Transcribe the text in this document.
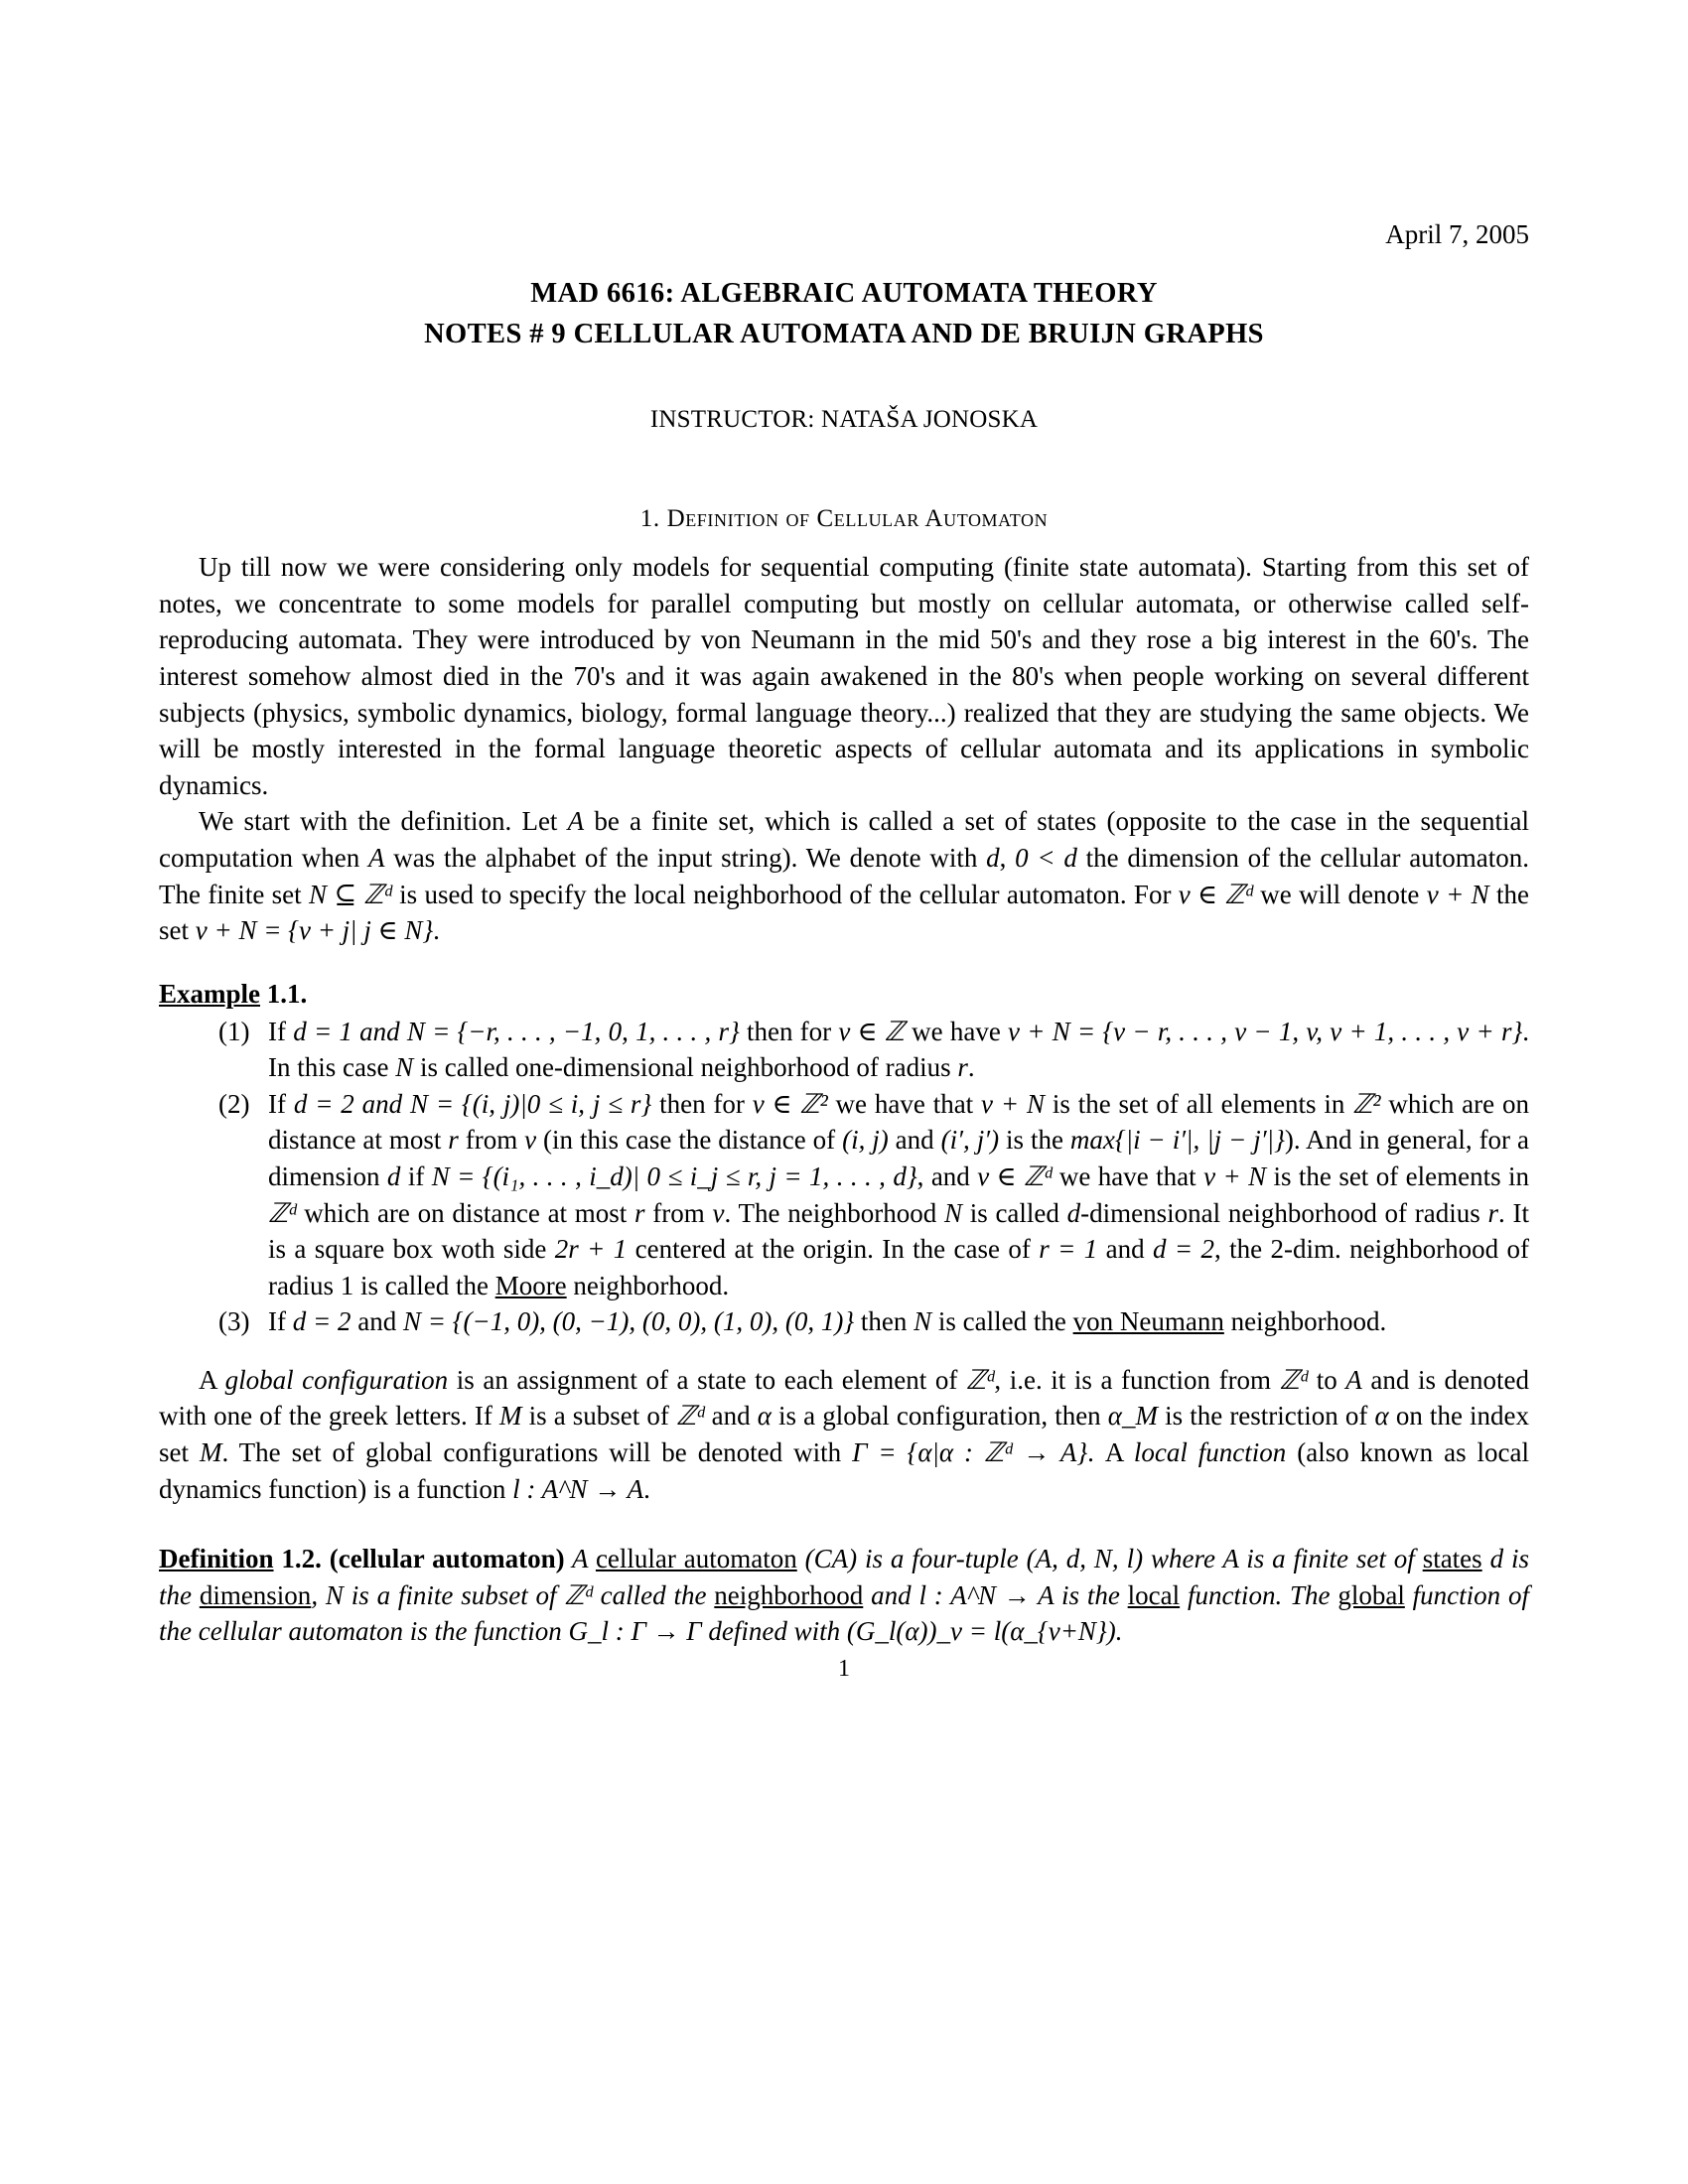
April 7, 2005
MAD 6616: ALGEBRAIC AUTOMATA THEORY
NOTES # 9 CELLULAR AUTOMATA AND DE BRUIJN GRAPHS
INSTRUCTOR: NATAŠA JONOSKA
1. Definition of Cellular Automaton

Up till now we were considering only models for sequential computing (finite state automata). Starting from this set of notes, we concentrate to some models for parallel computing but mostly on cellular automata, or otherwise called self-reproducing automata. They were introduced by von Neumann in the mid 50's and they rose a big interest in the 60's. The interest somehow almost died in the 70's and it was again awakened in the 80's when people working on several different subjects (physics, symbolic dynamics, biology, formal language theory...) realized that they are studying the same objects. We will be mostly interested in the formal language theoretic aspects of cellular automata and its applications in symbolic dynamics.

We start with the definition. Let A be a finite set, which is called a set of states (opposite to the case in the sequential computation when A was the alphabet of the input string). We denote with d, 0 < d the dimension of the cellular automaton. The finite set N ⊆ ℤᵈ is used to specify the local neighborhood of the cellular automaton. For v ∈ ℤᵈ we will denote v + N the set v + N = {v + j| j ∈ N}.

Example 1.1.
(1) If d = 1 and N = {−r, . . . , −1, 0, 1, . . . , r} then for v ∈ ℤ we have v + N = {v − r, . . . , v − 1, v, v + 1, . . . , v + r}. In this case N is called one-dimensional neighborhood of radius r.
(2) If d = 2 and N = {(i, j)|0 ≤ i, j ≤ r} then for v ∈ ℤ² we have that v + N is the set of all elements in ℤ² which are on distance at most r from v (in this case the distance of (i, j) and (i′, j′) is the max{|i − i′|, |j − j′|}). And in general, for a dimension d if N = {(i₁, . . . , i_d)| 0 ≤ i_j ≤ r, j = 1, . . . , d}, and v ∈ ℤᵈ we have that v + N is the set of elements in ℤᵈ which are on distance at most r from v. The neighborhood N is called d-dimensional neighborhood of radius r. It is a square box woth side 2r + 1 centered at the origin. In the case of r = 1 and d = 2, the 2-dim. neighborhood of radius 1 is called the Moore neighborhood.
(3) If d = 2 and N = {(−1, 0), (0, −1), (0, 0), (1, 0), (0, 1)} then N is called the von Neumann neighborhood.

A global configuration is an assignment of a state to each element of ℤᵈ, i.e. it is a function from ℤᵈ to A and is denoted with one of the greek letters. If M is a subset of ℤᵈ and α is a global configuration, then α_M is the restriction of α on the index set M. The set of global configurations will be denoted with Γ = {α|α : ℤᵈ → A}. A local function (also known as local dynamics function) is a function l : A^N → A.

Definition 1.2. (cellular automaton) A cellular automaton (CA) is a four-tuple (A, d, N, l) where A is a finite set of states d is the dimension, N is a finite subset of ℤᵈ called the neighborhood and l : A^N → A is the local function. The global function of the cellular automaton is the function G_l : Γ → Γ defined with (G_l(α))_v = l(α_{v+N}).

1
